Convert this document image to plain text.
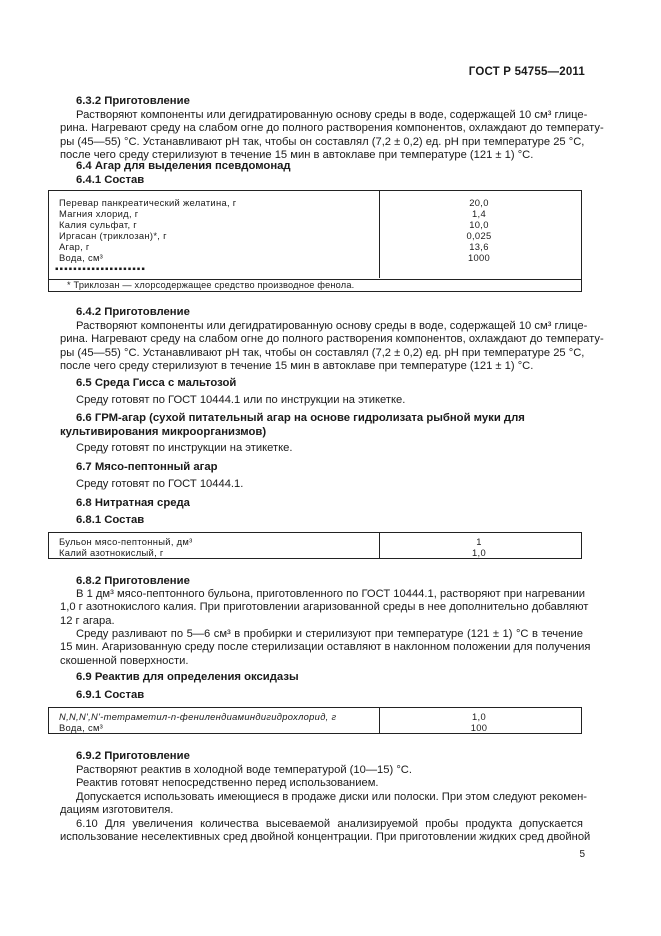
ГОСТ Р 54755—2011
6.3.2 Приготовление
Растворяют компоненты или дегидратированную основу среды в воде, содержащей 10 см³ глице-
рина. Нагревают среду на слабом огне до полного растворения компонентов, охлаждают до температу-
ры (45—55) °С. Устанавливают рН так, чтобы он составлял (7,2 ± 0,2) ед. рН при температуре 25 °С,
после чего среду стерилизуют в течение 15 мин в автоклаве при температуре (121 ± 1) °С.
6.4 Агар для выделения псевдомонад
6.4.1 Состав
Перевар панкреатический желатина, г	20,0
Магния хлорид, г	1,4
Калия сульфат, г	10,0
Иргасан (триклозан)*, г	0,025
Агар, г	13,6
Вода, см³	1000
▪▪▪▪▪▪▪▪▪▪▪▪▪▪▪▪▪▪▪▪
* Триклозан — хлорсодержащее средство производное фенола.
6.4.2 Приготовление
Растворяют компоненты или дегидратированную основу среды в воде, содержащей 10 см³ глице-
рина. Нагревают среду на слабом огне до полного растворения компонентов, охлаждают до температу-
ры (45—55) °С. Устанавливают рН так, чтобы он составлял (7,2 ± 0,2) ед. рН при температуре 25 °С,
после чего среду стерилизуют в течение 15 мин в автоклаве при температуре (121 ± 1) °С.
6.5 Среда Гисса с мальтозой
Среду готовят по ГОСТ 10444.1 или по инструкции на этикетке.
6.6 ГРМ-агар (сухой питательный агар на основе гидролизата рыбной муки для
культивирования микроорганизмов)
Среду готовят по инструкции на этикетке.
6.7 Мясо-пептонный агар
Среду готовят по ГОСТ 10444.1.
6.8 Нитратная среда
6.8.1 Состав
Бульон мясо-пептонный, дм³	1
Калий азотнокислый, г	1,0
6.8.2 Приготовление
В 1 дм³ мясо-пептонного бульона, приготовленного по ГОСТ 10444.1, растворяют при нагревании
1,0 г азотнокислого калия. При приготовлении агаризованной среды в нее дополнительно добавляют
12 г агара.
Среду разливают по 5—6 см³ в пробирки и стерилизуют при температуре (121 ± 1) °С в течение
15 мин. Агаризованную среду после стерилизации оставляют в наклонном положении для получения
скошенной поверхности.
6.9 Реактив для определения оксидазы
6.9.1 Состав
N,N,N',N'-тетраметил-n-фенилендиаминдигидрохлорид, г	1,0
Вода, см³	100
6.9.2 Приготовление
Растворяют реактив в холодной воде температурой (10—15) °С.
Реактив готовят непосредственно перед использованием.
Допускается использовать имеющиеся в продаже диски или полоски. При этом следуют рекомен-
дациям изготовителя.
6.10 Для увеличения количества высеваемой анализируемой пробы продукта допускается
использование неселективных сред двойной концентрации. При приготовлении жидких сред двойной
5
